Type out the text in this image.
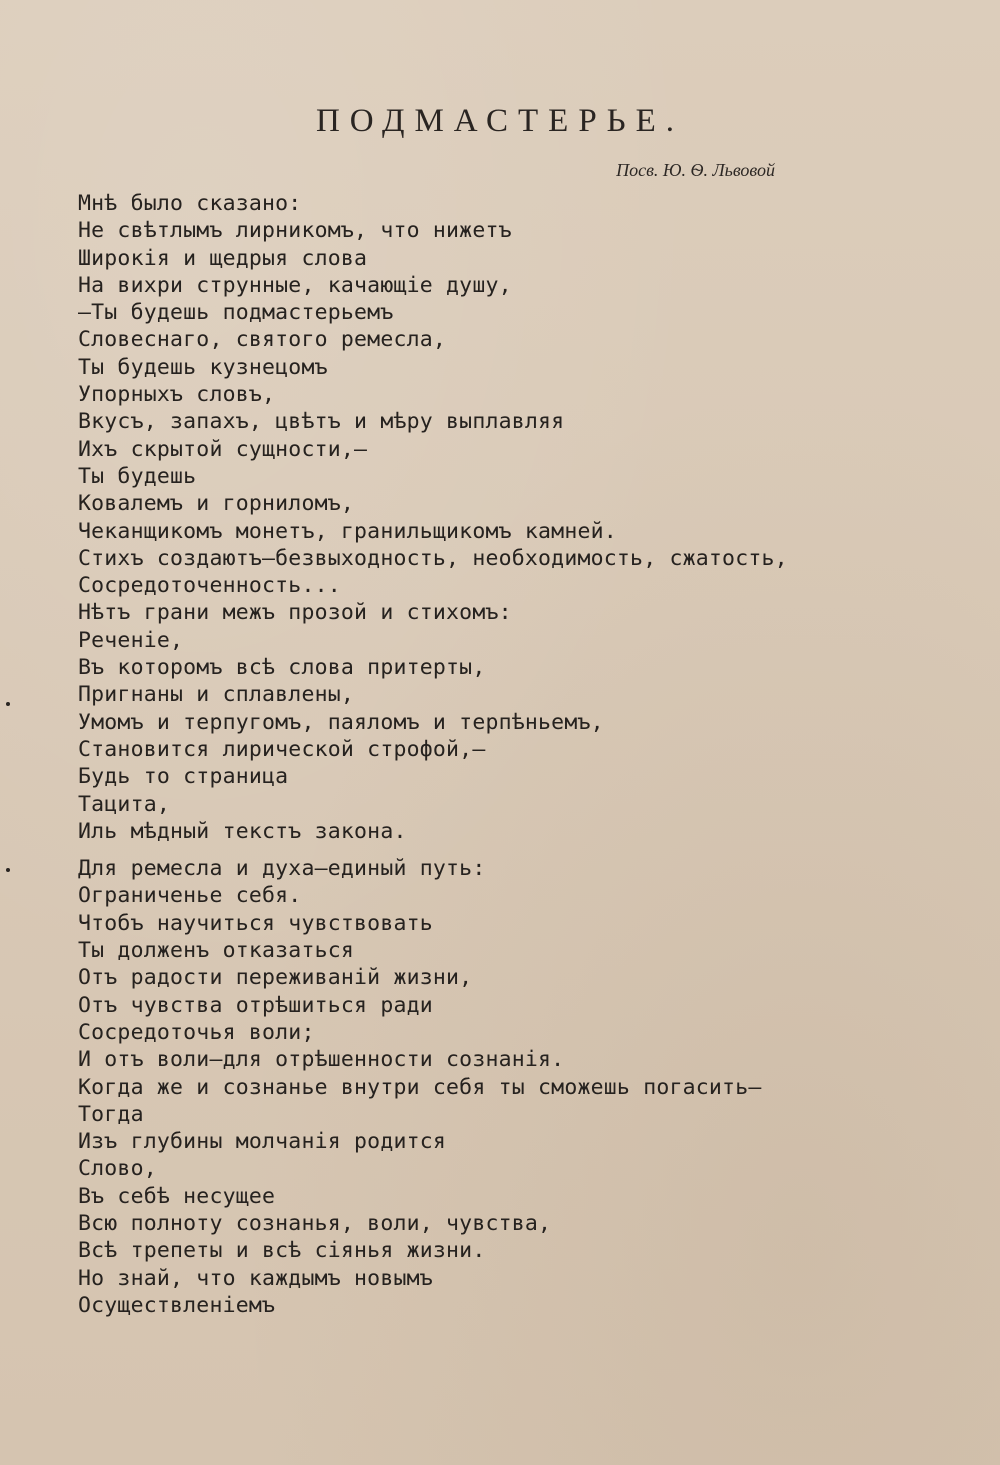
ПОДМАСТЕРЬЕ.
Посв. Ю. Ѳ. Львовой
Мнѣ было сказано:
Не свѣтлымъ лирникомъ, что нижетъ
Широкія и щедрыя слова
На вихри струнные, качающіе душу,
—Ты будешь подмастерьемъ
Словеснаго, святого ремесла,
Ты будешь кузнецомъ
Упорныхъ словъ,
Вкусъ, запахъ, цвѣтъ и мѣру выплавляя
Ихъ скрытой сущности,—
Ты будешь
Ковалемъ и горниломъ,
Чеканщикомъ монетъ, гранильщикомъ камней.
Стихъ создаютъ—безвыходность, необходимость, сжатость,
Сосредоточенность...
Нѣтъ грани межъ прозой и стихомъ:
Реченіе,
Въ которомъ всѣ слова притерты,
Пригнаны и сплавлены,
Умомъ и терпугомъ, паяломъ и терпѣньемъ,
Становится лирической строфой,—
Будь то страница
Тацита,
Иль мѣдный текстъ закона.
Для ремесла и духа—единый путь:
Ограниченье себя.
Чтобъ научиться чувствовать
Ты долженъ отказаться
Отъ радости переживаній жизни,
Отъ чувства отрѣшиться ради
Сосредоточья воли;
И отъ воли—для отрѣшенности сознанія.
Когда же и сознанье внутри себя ты сможешь погасить—
Тогда
Изъ глубины молчанія родится
Слово,
Въ себѣ несущее
Всю полноту сознанья, воли, чувства,
Всѣ трепеты и всѣ сіянья жизни.
Но знай, что каждымъ новымъ
Осуществленіемъ
